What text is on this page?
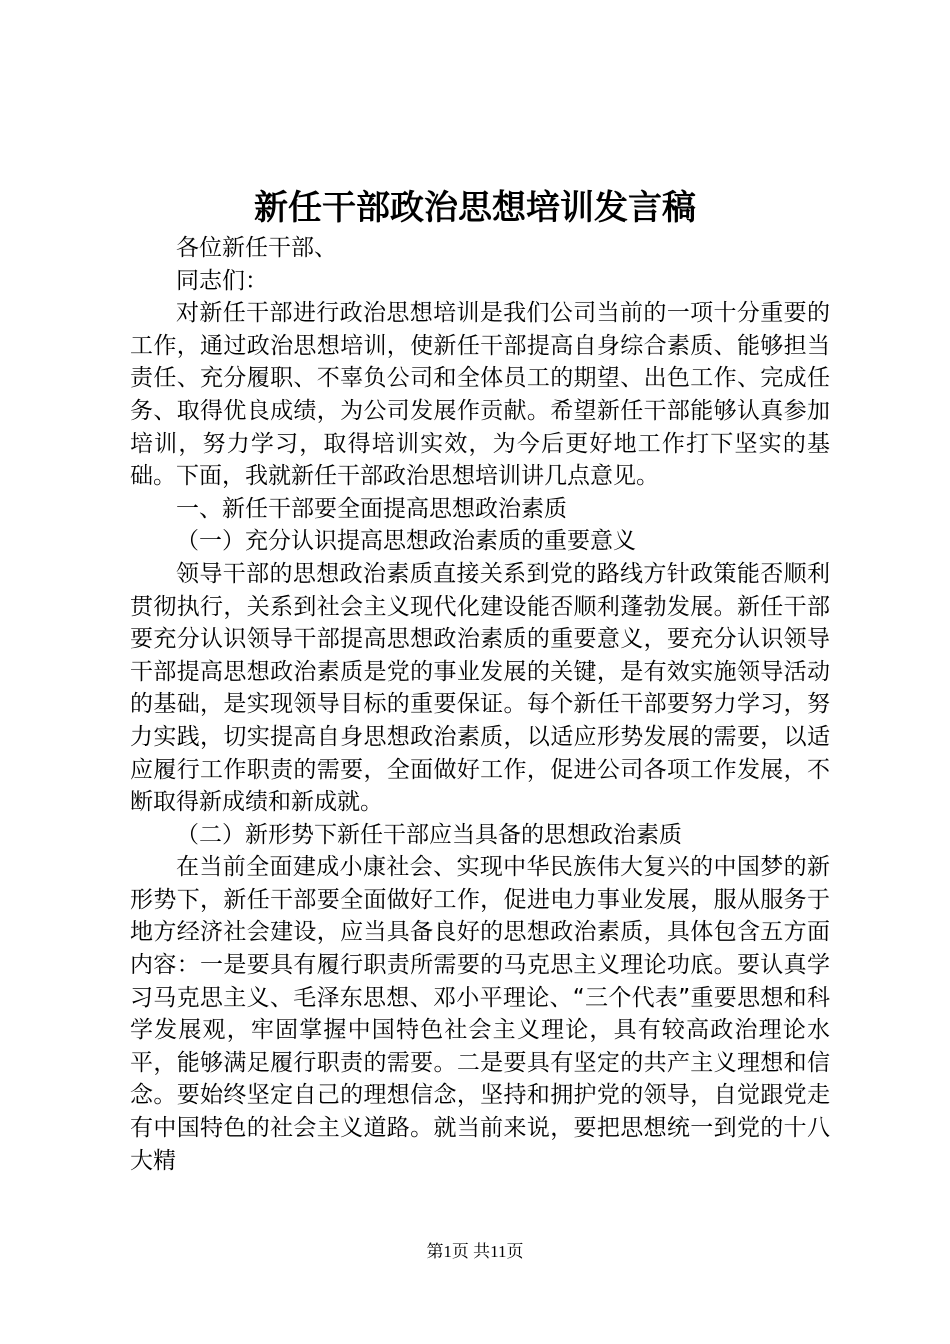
新任干部政治思想培训发言稿

各位新任干部、

同志们：

对新任干部进行政治思想培训是我们公司当前的一项十分重要的工作，通过政治思想培训，使新任干部提高自身综合素质、能够担当责任、充分履职、不辜负公司和全体员工的期望、出色工作、完成任务、取得优良成绩，为公司发展作贡献。希望新任干部能够认真参加培训，努力学习，取得培训实效，为今后更好地工作打下坚实的基础。下面，我就新任干部政治思想培训讲几点意见。

一、新任干部要全面提高思想政治素质

（一）充分认识提高思想政治素质的重要意义

领导干部的思想政治素质直接关系到党的路线方针政策能否顺利贯彻执行，关系到社会主义现代化建设能否顺利蓬勃发展。新任干部要充分认识领导干部提高思想政治素质的重要意义，要充分认识领导干部提高思想政治素质是党的事业发展的关键，是有效实施领导活动的基础，是实现领导目标的重要保证。每个新任干部要努力学习，努力实践，切实提高自身思想政治素质，以适应形势发展的需要，以适应履行工作职责的需要，全面做好工作，促进公司各项工作发展，不断取得新成绩和新成就。

（二）新形势下新任干部应当具备的思想政治素质

在当前全面建成小康社会、实现中华民族伟大复兴的中国梦的新形势下，新任干部要全面做好工作，促进电力事业发展，服从服务于地方经济社会建设，应当具备良好的思想政治素质，具体包含五方面内容：一是要具有履行职责所需要的马克思主义理论功底。要认真学习马克思主义、毛泽东思想、邓小平理论、“三个代表”重要思想和科学发展观，牢固掌握中国特色社会主义理论，具有较高政治理论水平，能够满足履行职责的需要。二是要具有坚定的共产主义理想和信念。要始终坚定自己的理想信念，坚持和拥护党的领导，自觉跟党走有中国特色的社会主义道路。就当前来说，要把思想统一到党的十八大精

第1页 共11页
